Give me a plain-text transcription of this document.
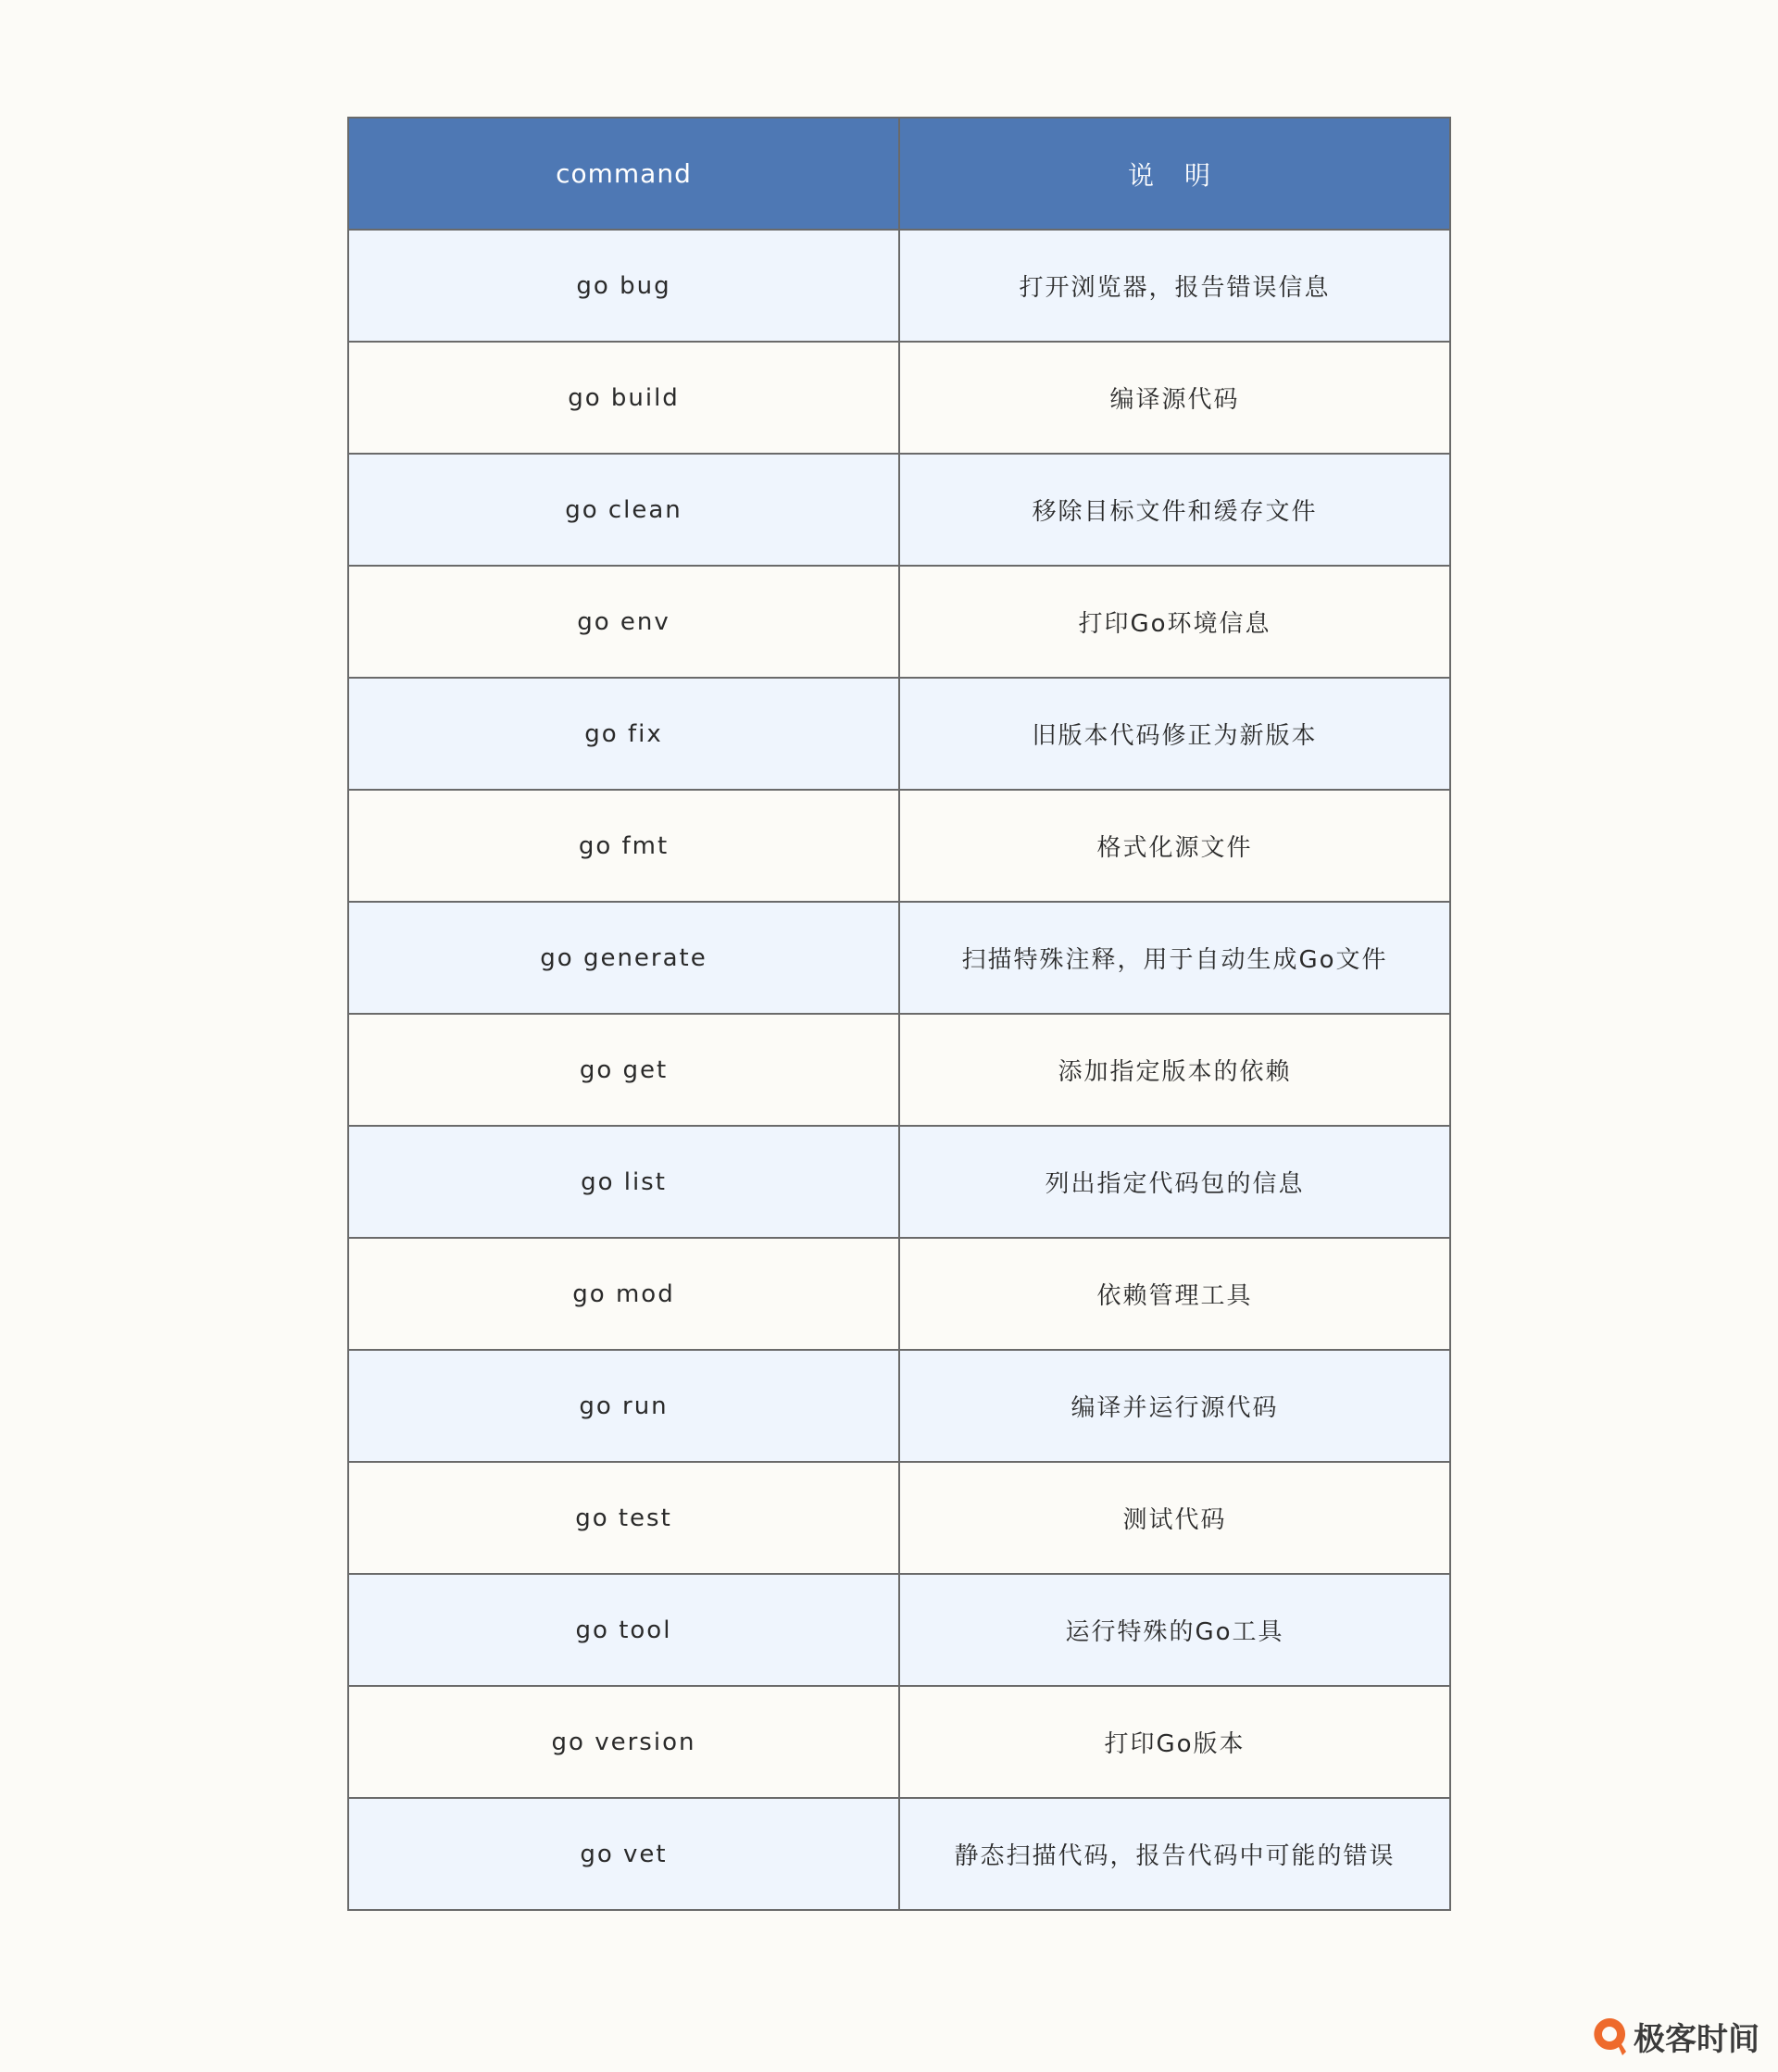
command	说 明
go bug	打开浏览器，报告错误信息
go build	编译源代码
go clean	移除目标文件和缓存文件
go env	打印Go环境信息
go fix	旧版本代码修正为新版本
go fmt	格式化源文件
go generate	扫描特殊注释，用于自动生成Go文件
go get	添加指定版本的依赖
go list	列出指定代码包的信息
go mod	依赖管理工具
go run	编译并运行源代码
go test	测试代码
go tool	运行特殊的Go工具
go version	打印Go版本
go vet	静态扫描代码，报告代码中可能的错误
极客时间
